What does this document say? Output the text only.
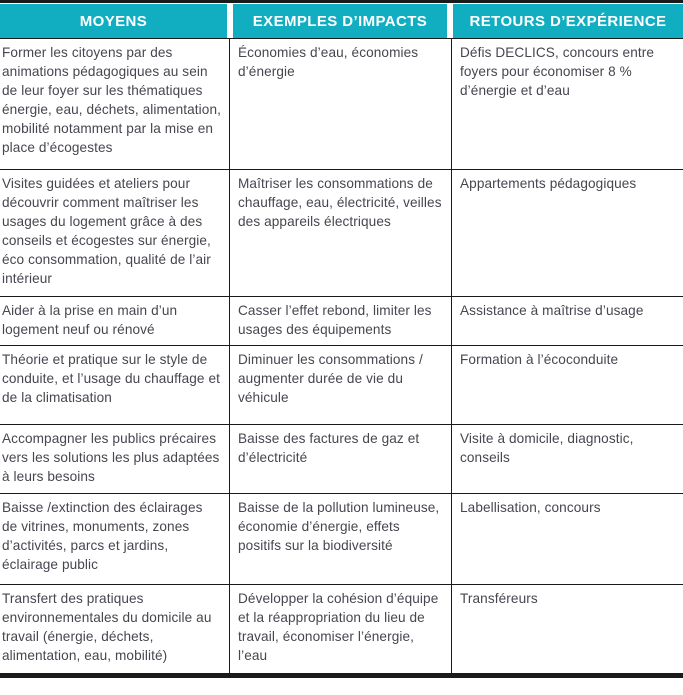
MOYENS	EXEMPLES D’IMPACTS	RETOURS D’EXPÉRIENCE
Former les citoyens par des animations pédagogiques au sein de leur foyer sur les thématiques énergie, eau, déchets, alimentation, mobilité notamment par la mise en place d’écogestes
Économies d’eau, économies d’énergie
Défis DECLICS, concours entre foyers pour économiser 8 % d’énergie et d’eau
Visites guidées et ateliers pour découvrir comment maîtriser les usages du logement grâce à des conseils et écogestes sur énergie, éco consommation, qualité de l’air intérieur
Maîtriser les consommations de chauffage, eau, électricité, veilles des appareils électriques
Appartements pédagogiques
Aider à la prise en main d’un logement neuf ou rénové
Casser l’effet rebond, limiter les usages des équipements
Assistance à maîtrise d’usage
Théorie et pratique sur le style de conduite, et l’usage du chauffage et de la climatisation
Diminuer les consommations / augmenter durée de vie du véhicule
Formation à l’écoconduite
Accompagner les publics précaires vers les solutions les plus adaptées à leurs besoins
Baisse des factures de gaz et d’électricité
Visite à domicile, diagnostic, conseils
Baisse /extinction des éclairages de vitrines, monuments, zones d’activités, parcs et jardins, éclairage public
Baisse de la pollution lumineuse, économie d’énergie, effets positifs sur la biodiversité
Labellisation, concours
Transfert des pratiques environnementales du domicile au travail (énergie, déchets, alimentation, eau, mobilité)
Développer la cohésion d’équipe et la réappropriation du lieu de travail, économiser l’énergie, l’eau
Transféreurs
